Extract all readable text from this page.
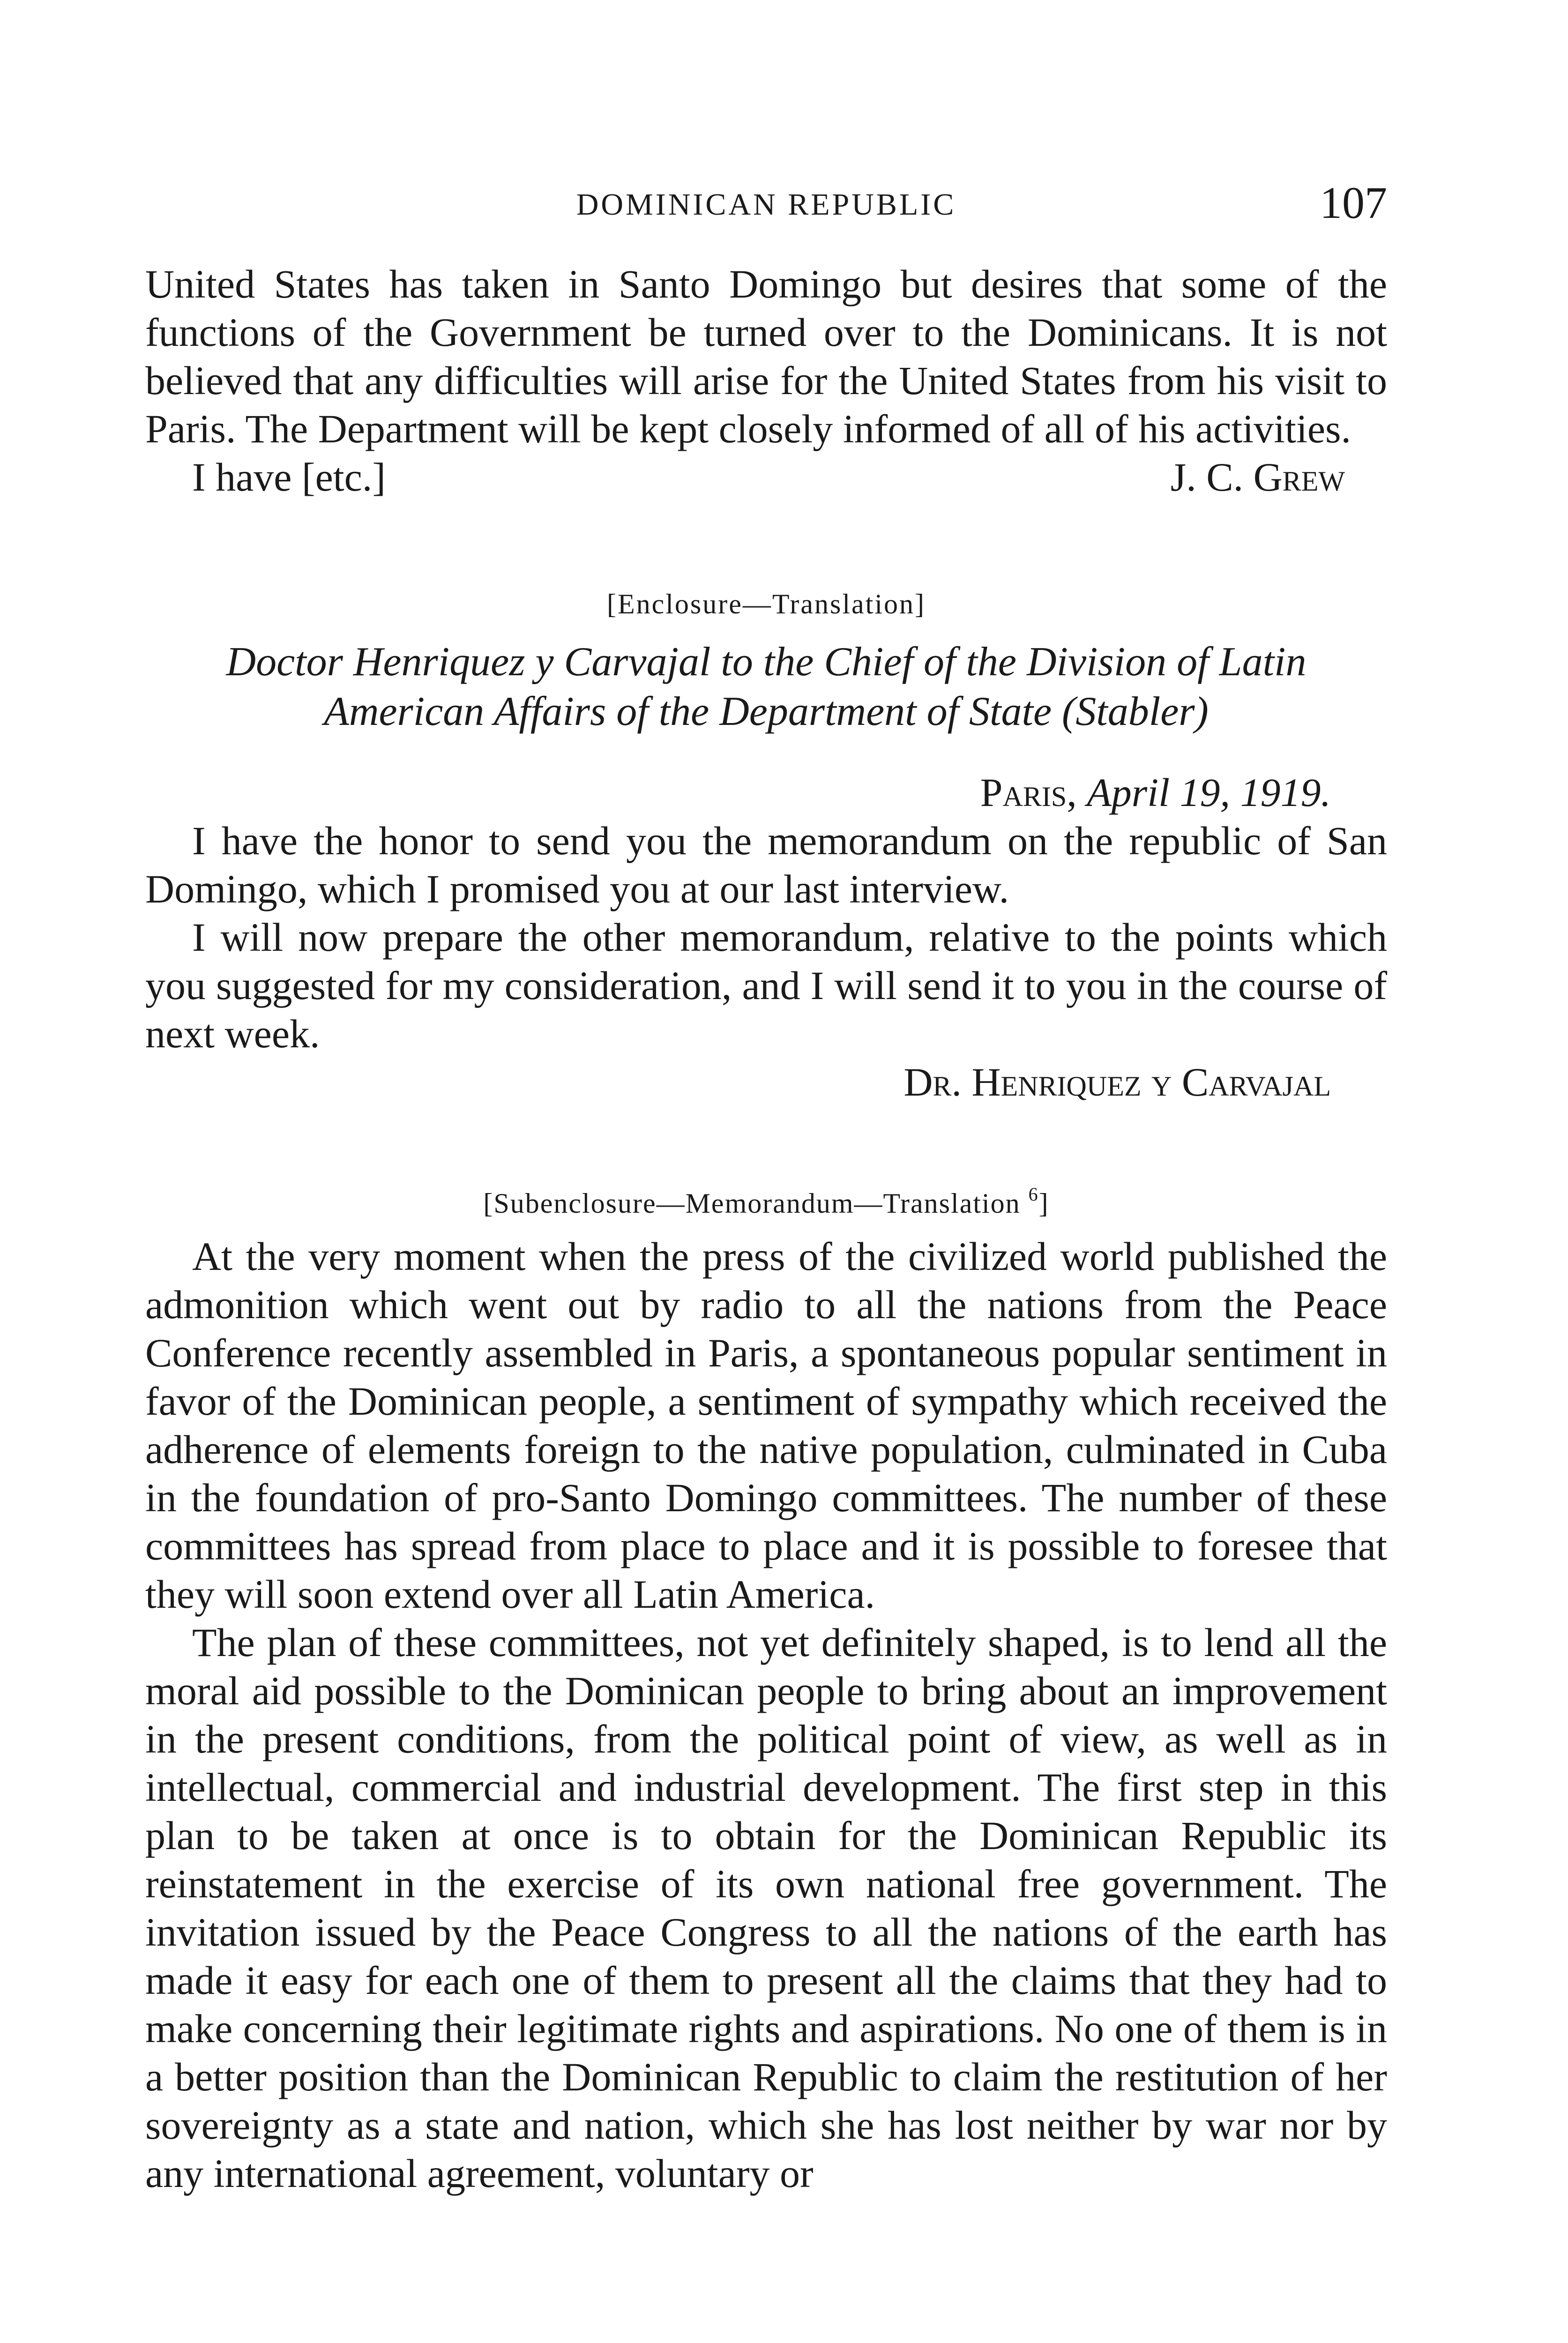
DOMINICAN REPUBLIC	107

United States has taken in Santo Domingo but desires that some of the functions of the Government be turned over to the Dominicans. It is not believed that any difficulties will arise for the United States from his visit to Paris. The Department will be kept closely informed of all of his activities.

I have [etc.]	J. C. Grew
[Enclosure—Translation]
Doctor Henriquez y Carvajal to the Chief of the Division of Latin
American Affairs of the Department of State (Stabler)
Paris, April 19, 1919.

I have the honor to send you the memorandum on the republic of San Domingo, which I promised you at our last interview.

I will now prepare the other memorandum, relative to the points which you suggested for my consideration, and I will send it to you in the course of next week.

Dr. Henriquez y Carvajal
[Subenclosure—Memorandum—Translation $^6$]

At the very moment when the press of the civilized world published the admonition which went out by radio to all the nations from the Peace Conference recently assembled in Paris, a spontaneous popular sentiment in favor of the Dominican people, a sentiment of sympathy which received the adherence of elements foreign to the native population, culminated in Cuba in the foundation of pro-Santo Domingo committees. The number of these committees has spread from place to place and it is possible to foresee that they will soon extend over all Latin America.

The plan of these committees, not yet definitely shaped, is to lend all the moral aid possible to the Dominican people to bring about an improvement in the present conditions, from the political point of view, as well as in intellectual, commercial and industrial development. The first step in this plan to be taken at once is to obtain for the Dominican Republic its reinstatement in the exercise of its own national free government. The invitation issued by the Peace Congress to all the nations of the earth has made it easy for each one of them to present all the claims that they had to make concerning their legitimate rights and aspirations. No one of them is in a better position than the Dominican Republic to claim the restitution of her sovereignty as a state and nation, which she has lost neither by war nor by any international agreement, voluntary or
